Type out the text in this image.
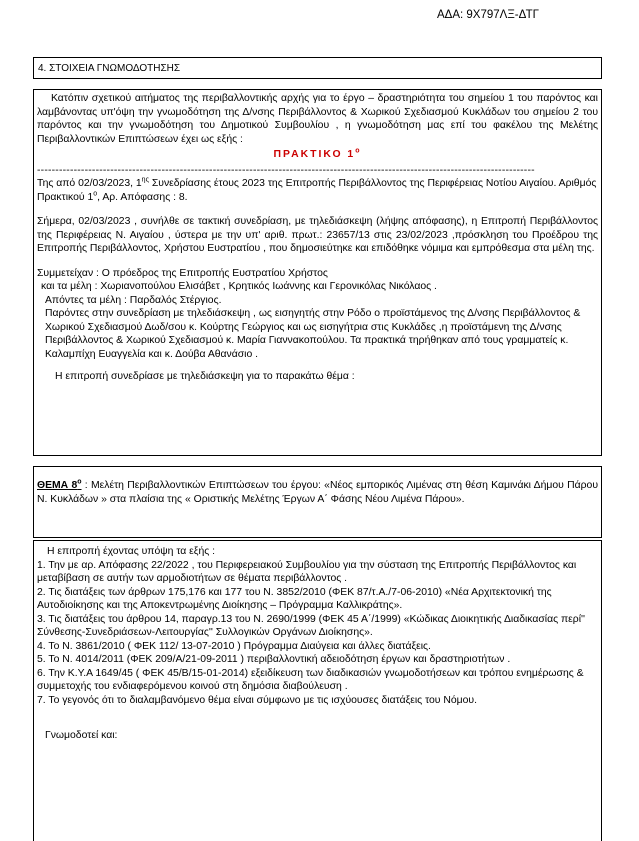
ΑΔΑ: 9Χ797ΛΞ-ΔΤΓ
4. ΣΤΟΙΧΕΙΑ ΓΝΩΜΟΔΟΤΗΣΗΣ

Κατόπιν σχετικού αιτήματος της περιβαλλοντικής αρχής για το έργο – δραστηριότητα του σημείου 1 του παρόντος και λαμβάνοντας υπ'όψη την γνωμοδότηση της Δ/νσης Περιβάλλοντος & Χωρικού Σχεδιασμού Κυκλάδων του σημείου 2 του παρόντος και την γνωμοδότηση του Δημοτικού Συμβουλίου , η γνωμοδότηση μας επί του φακέλου της Μελέτης Περιβαλλοντικών Επιπτώσεων έχει ως εξής :

ΠΡΑΚΤΙΚΟ $1^o$

----------------------------------------------------------------------------------------------------------------------------------------

Της από 02/03/2023, $1^{\eta\varsigma}$ Συνεδρίασης έτους 2023 της Επιτροπής Περιβάλλοντος της Περιφέρειας Νοτίου Αιγαίου. Αριθμός Πρακτικού $1^o$, Αρ. Απόφασης : 8.

Σήμερα, 02/03/2023 , συνήλθε σε τακτική συνεδρίαση, με τηλεδιάσκεψη (λήψης απόφασης), η Επιτροπή Περιβάλλοντος της Περιφέρειας Ν. Αιγαίου , ύστερα με την υπ' αριθ. πρωτ.: 23657/13 στις 23/02/2023 ,πρόσκληση του Προέδρου της Επιτροπής Περιβάλλοντος, Χρήστου Ευστρατίου , που δημοσιεύτηκε και επιδόθηκε νόμιμα και εμπρόθεσμα στα μέλη της.

Συμμετείχαν : Ο πρόεδρος της Επιτροπής Ευστρατίου Χρήστος

και τα μέλη : Χωριανοπούλου Ελισάβετ , Κρητικός Ιωάννης και Γερονικόλας Νικόλαος .

Απόντες τα μέλη : Παρδαλός Στέργιος.

Παρόντες στην συνεδρίαση με τηλεδιάσκεψη , ως εισηγητής στην Ρόδο ο προϊστάμενος της Δ/νσης Περιβάλλοντος & Χωρικού Σχεδιασμού Δωδ/σου κ. Κούρτης Γεώργιος και ως εισηγήτρια στις Κυκλάδες ,η προϊστάμενη της Δ/νσης Περιβάλλοντος & Χωρικού Σχεδιασμού κ. Μαρία Γιαννακοπούλου. Τα πρακτικά τηρήθηκαν από τους γραμματείς κ. Καλαμπίχη Ευαγγελία και κ. Δούβα Αθανάσιο .

Η επιτροπή συνεδρίασε με τηλεδιάσκεψη για το παρακάτω θέμα :

ΘΕΜΑ $8^o$ : Μελέτη Περιβαλλοντικών Επιπτώσεων του έργου: «Νέος εμπορικός Λιμένας στη θέση Καμινάκι Δήμου Πάρου Ν. Κυκλάδων » στα πλαίσια της « Οριστικής Μελέτης Έργων Α΄ Φάσης Νέου Λιμένα Πάρου».

Η επιτροπή έχοντας υπόψη τα εξής :

1. Την με αρ. Απόφασης 22/2022 , του Περιφερειακού Συμβουλίου για την σύσταση της Επιτροπής Περιβάλλοντος και μεταβίβαση σε αυτήν των αρμοδιοτήτων σε θέματα περιβάλλοντος .

2. Τις διατάξεις των άρθρων 175,176 και 177 του Ν. 3852/2010 (ΦΕΚ 87/τ.Α./7-06-2010) «Νέα Αρχιτεκτονική της Αυτοδιοίκησης και της Αποκεντρωμένης Διοίκησης – Πρόγραμμα Καλλικράτης».

3. Τις διατάξεις του άρθρου 14, παραγρ.13 του Ν. 2690/1999 (ΦΕΚ 45 Α΄/1999) «Κώδικας Διοικητικής Διαδικασίας περί'' Σύνθεσης-Συνεδριάσεων-Λειτουργίας'' Συλλογικών Οργάνων Διοίκησης».

4. Το Ν. 3861/2010 ( ΦΕΚ 112/ 13-07-2010 ) Πρόγραμμα Διαύγεια και άλλες διατάξεις.

5. Το Ν. 4014/2011 (ΦΕΚ 209/Α/21-09-2011 ) περιβαλλοντική αδειοδότηση έργων και δραστηριοτήτων .

6. Την Κ.Υ.Α 1649/45 ( ΦΕΚ 45/Β/15-01-2014) εξειδίκευση των διαδικασιών γνωμοδοτήσεων και τρόπου ενημέρωσης & συμμετοχής του ενδιαφερόμενου κοινού στη δημόσια διαβούλευση .

7. Το γεγονός ότι το διαλαμβανόμενο θέμα είναι σύμφωνο με τις ισχύουσες διατάξεις του Νόμου.

Γνωμοδοτεί και:
